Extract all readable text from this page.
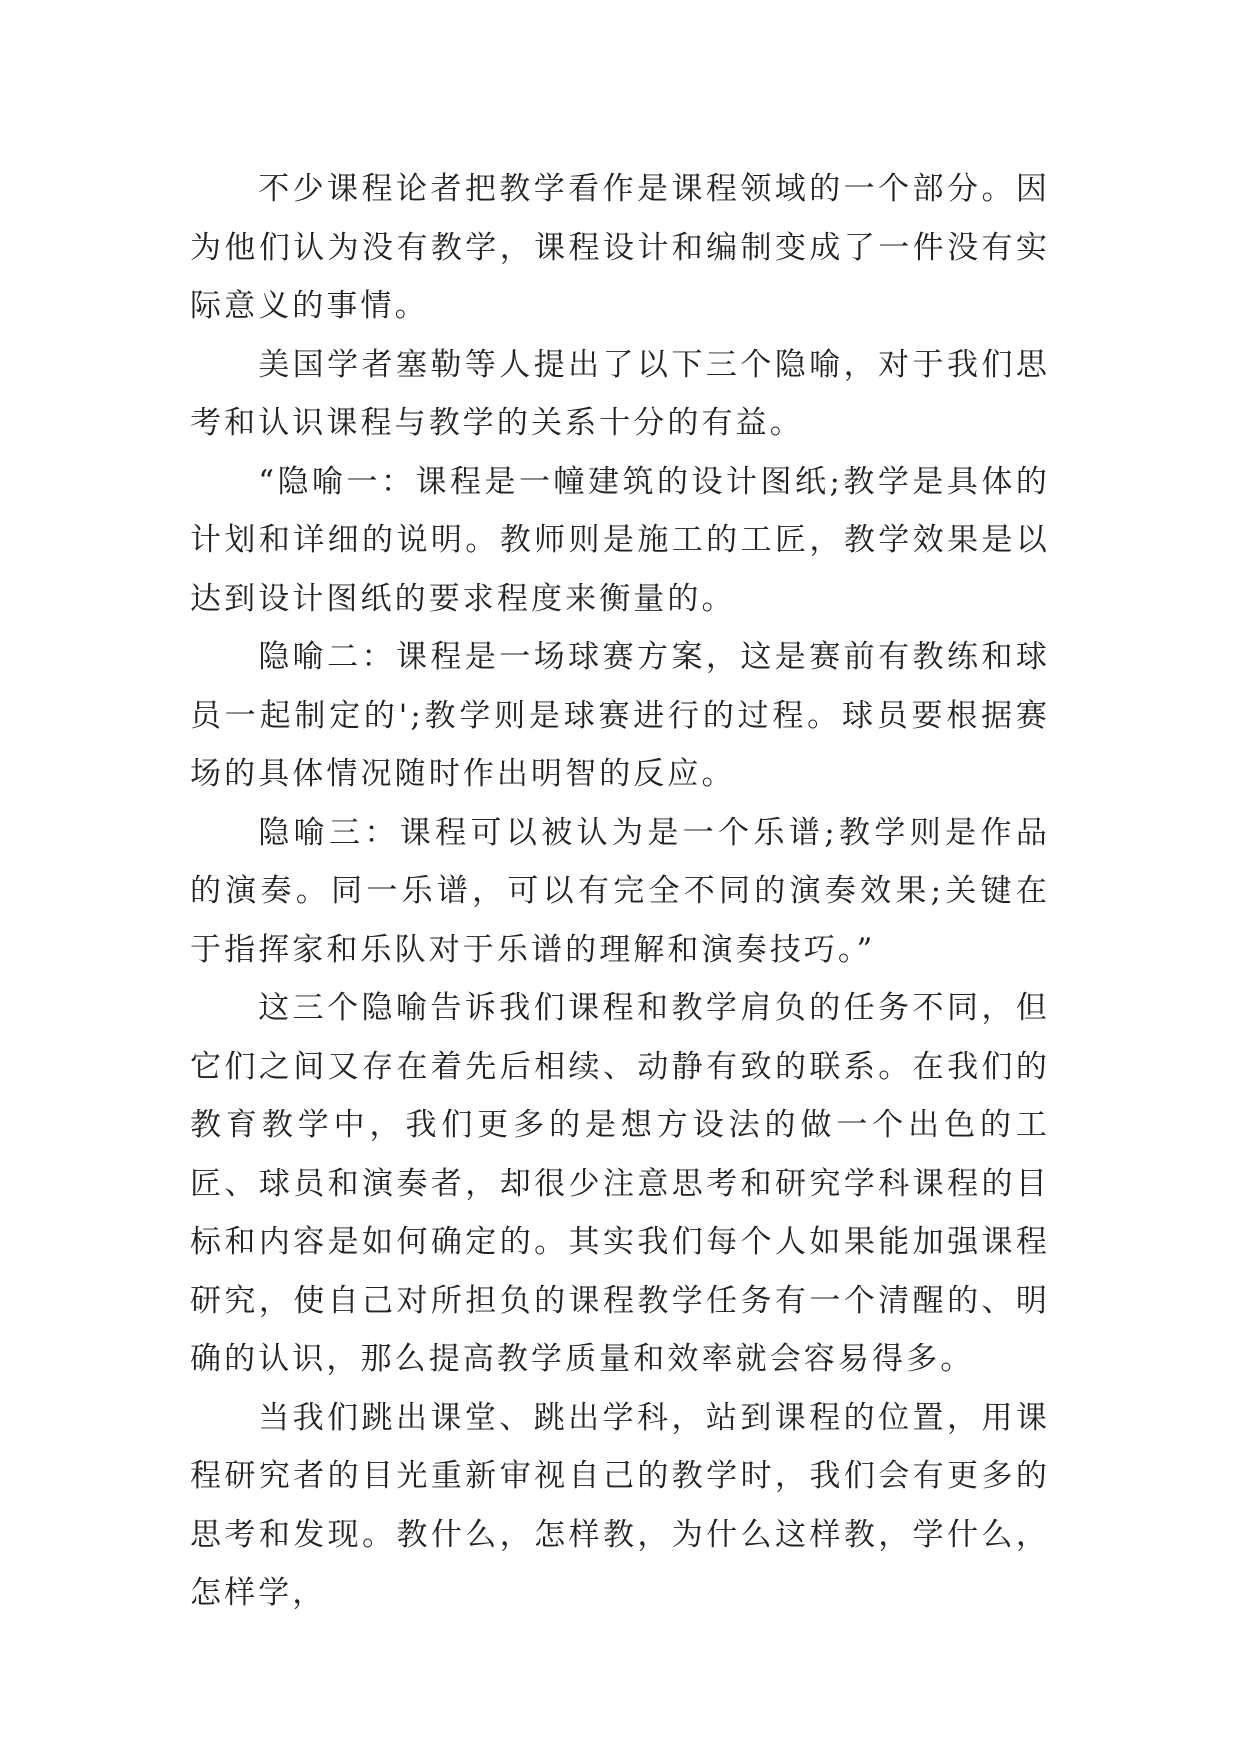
不少课程论者把教学看作是课程领域的一个部分。因为他们认为没有教学，课程设计和编制变成了一件没有实际意义的事情。

美国学者塞勒等人提出了以下三个隐喻，对于我们思考和认识课程与教学的关系十分的有益。

“隐喻一：课程是一幢建筑的设计图纸;教学是具体的计划和详细的说明。教师则是施工的工匠，教学效果是以达到设计图纸的要求程度来衡量的。

隐喻二：课程是一场球赛方案，这是赛前有教练和球员一起制定的';教学则是球赛进行的过程。球员要根据赛场的具体情况随时作出明智的反应。

隐喻三：课程可以被认为是一个乐谱;教学则是作品的演奏。同一乐谱，可以有完全不同的演奏效果;关键在于指挥家和乐队对于乐谱的理解和演奏技巧。”

这三个隐喻告诉我们课程和教学肩负的任务不同，但它们之间又存在着先后相续、动静有致的联系。在我们的教育教学中，我们更多的是想方设法的做一个出色的工匠、球员和演奏者，却很少注意思考和研究学科课程的目标和内容是如何确定的。其实我们每个人如果能加强课程研究，使自己对所担负的课程教学任务有一个清醒的、明确的认识，那么提高教学质量和效率就会容易得多。

当我们跳出课堂、跳出学科，站到课程的位置，用课程研究者的目光重新审视自己的教学时，我们会有更多的思考和发现。教什么，怎样教，为什么这样教，学什么，怎样学，
